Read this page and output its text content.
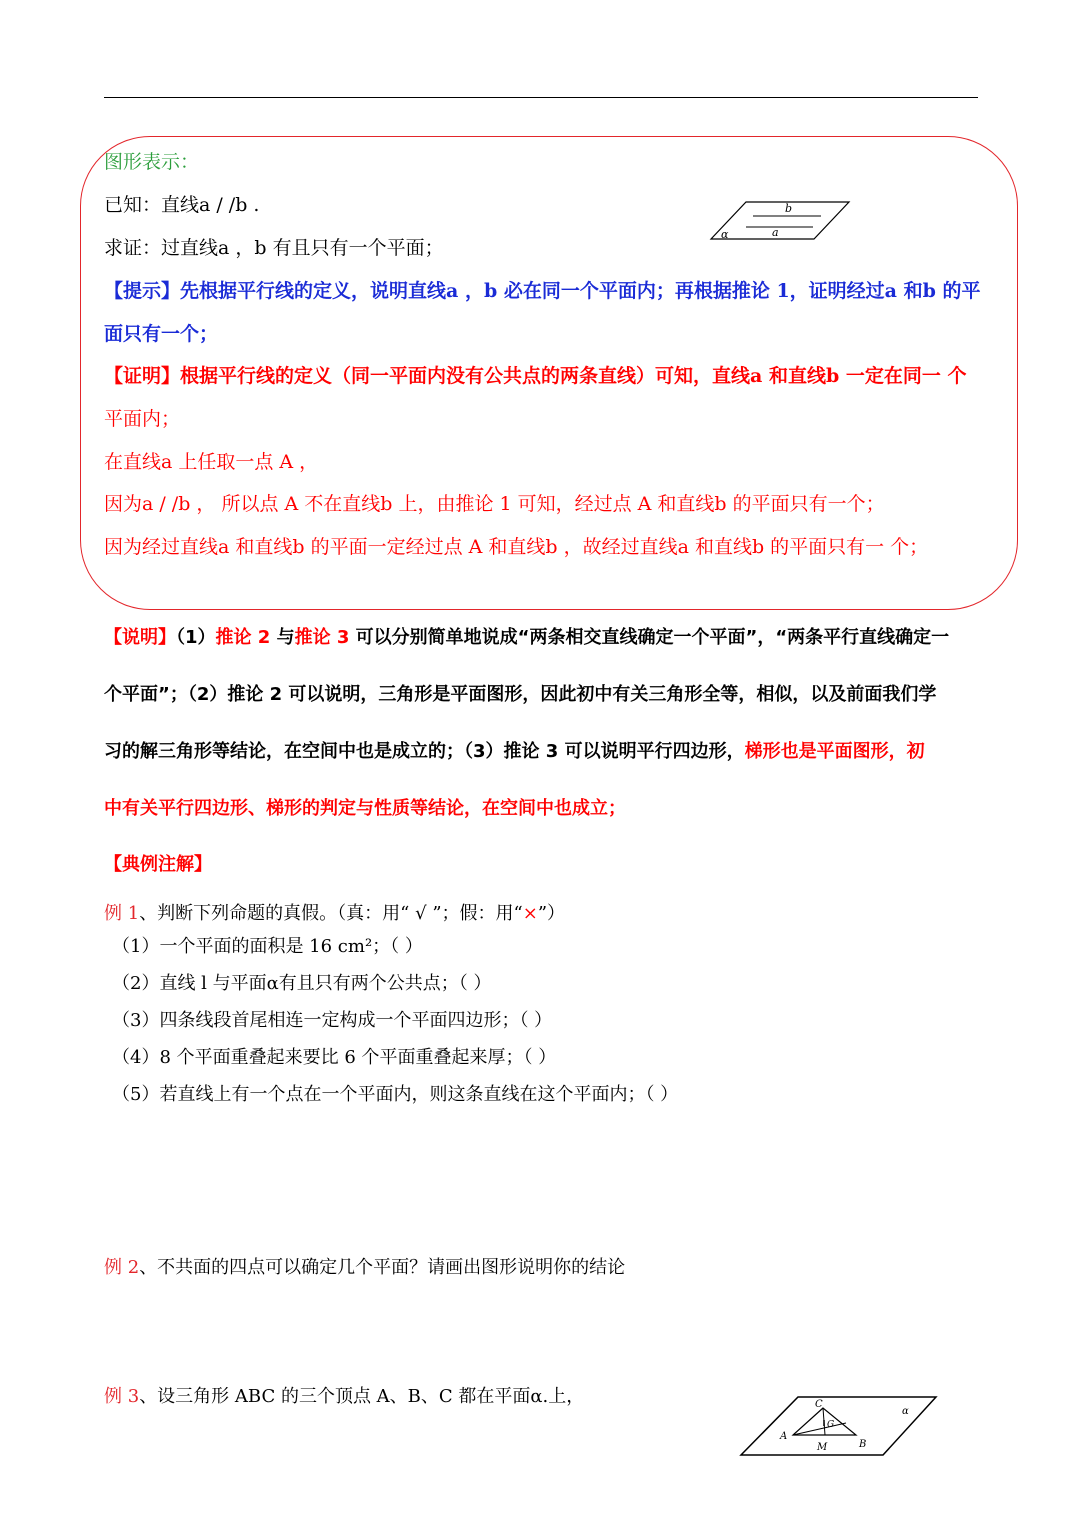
图形表示：
已知：直线a / /b .
求证：过直线a ，b 有且只有一个平面；
【提示】先根据平行线的定义，说明直线a ，b 必在同一个平面内；再根据推论 1，证明经过a 和b 的平
面只有一个；
【证明】根据平行线的定义（同一平面内没有公共点的两条直线）可知，直线a 和直线b 一定在同一 个
平面内；
在直线a 上任取一点 A ，
因为a / /b ， 所以点 A 不在直线b 上，由推论 1 可知，经过点 A 和直线b 的平面只有一个；
因为经过直线a 和直线b 的平面一定经过点 A 和直线b ，故经过直线a 和直线b 的平面只有一 个；
b
a
α
【说明】（1）推论 2 与推论 3 可以分别简单地说成“两条相交直线确定一个平面”，“两条平行直线确定一
个平面”；（2）推论 2 可以说明，三角形是平面图形，因此初中有关三角形全等，相似，以及前面我们学
习的解三角形等结论，在空间中也是成立的；（3）推论 3 可以说明平行四边形，梯形也是平面图形，初
中有关平行四边形、梯形的判定与性质等结论，在空间中也成立；
【典例注解】
例 1、判断下列命题的真假。（真：用“ √ ”；假：用“×”）
（1）一个平面的面积是 16 cm²；（ ）
（2）直线 l 与平面α有且只有两个公共点；（ ）
（3）四条线段首尾相连一定构成一个平面四边形；（ ）
（4）8 个平面重叠起来要比 6 个平面重叠起来厚；（ ）
（5）若直线上有一个点在一个平面内，则这条直线在这个平面内；（ ）
例 2、不共面的四点可以确定几个平面？请画出图形说明你的结论
例 3、设三角形 ABC 的三个顶点 A、B、C 都在平面α.上，	C
A
B
G
M
α
